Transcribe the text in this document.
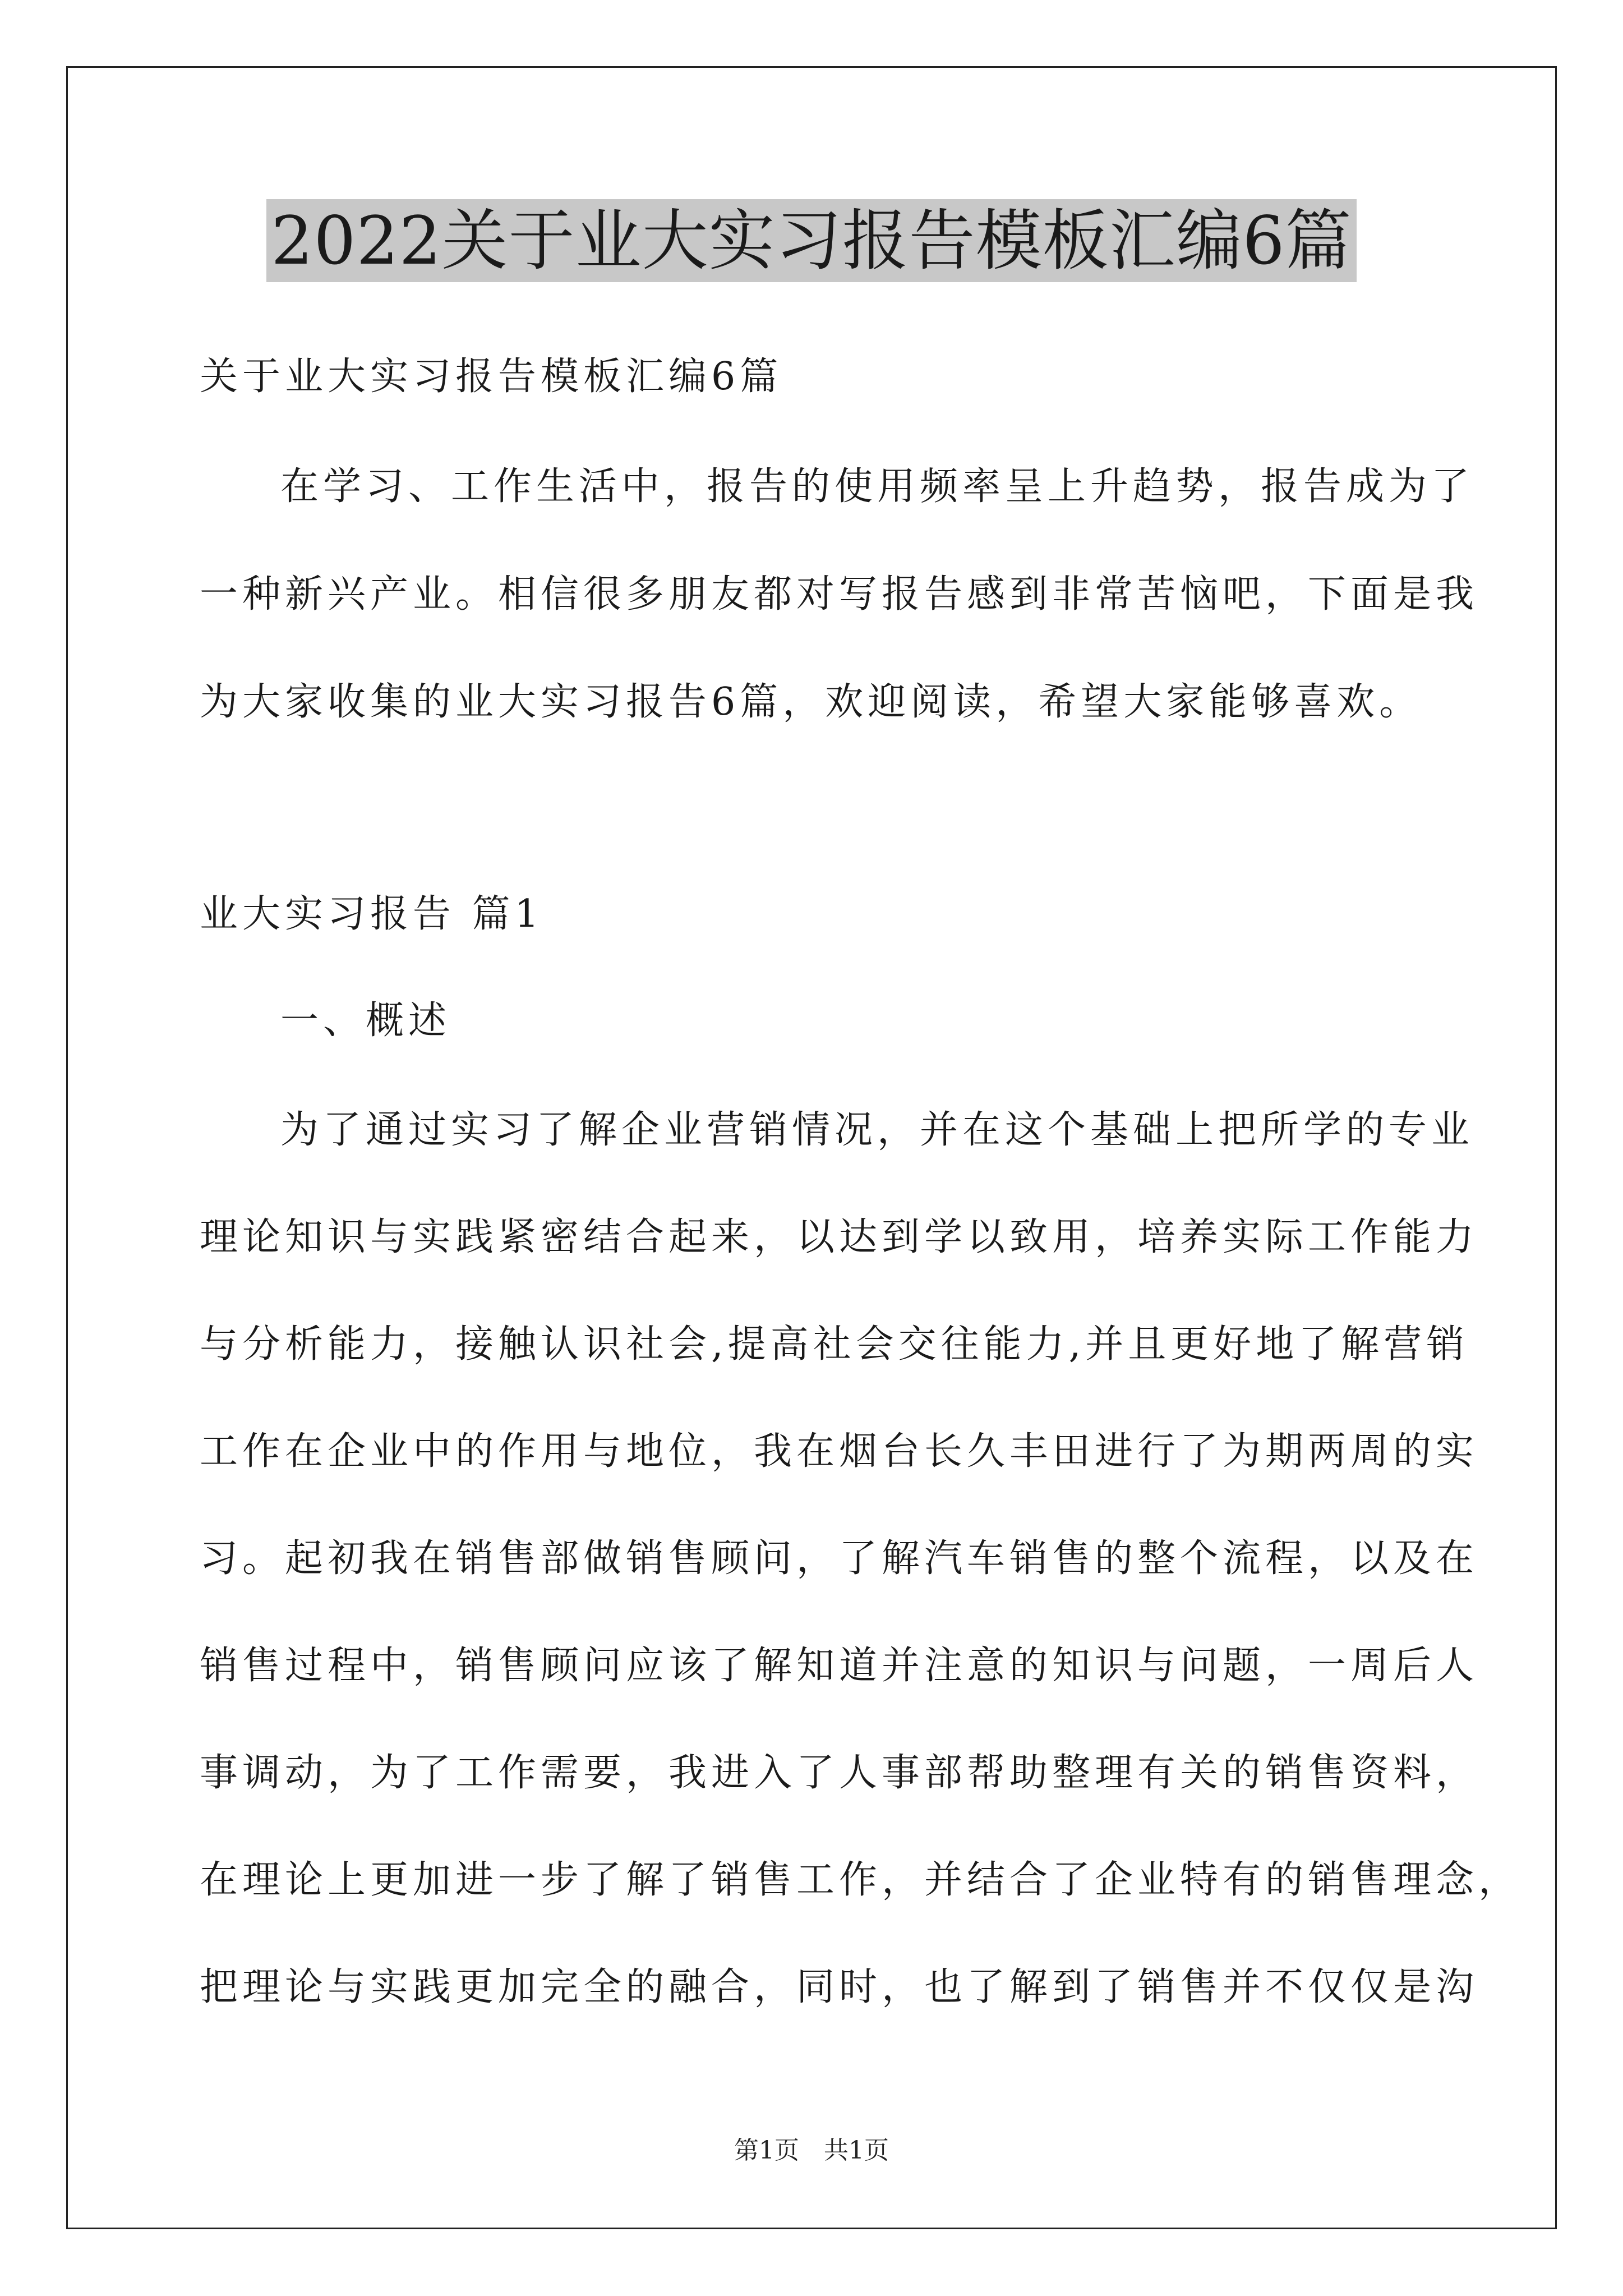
2022关于业大实习报告模板汇编6篇
关于业大实习报告模板汇编6篇
在学习、工作生活中，报告的使用频率呈上升趋势，报告成为了
一种新兴产业。相信很多朋友都对写报告感到非常苦恼吧，下面是我
为大家收集的业大实习报告6篇，欢迎阅读，希望大家能够喜欢。
业大实习报告 篇1
一、概述
为了通过实习了解企业营销情况，并在这个基础上把所学的专业
理论知识与实践紧密结合起来，以达到学以致用，培养实际工作能力
与分析能力，接触认识社会,提高社会交往能力,并且更好地了解营销
工作在企业中的作用与地位，我在烟台长久丰田进行了为期两周的实
习。起初我在销售部做销售顾问，了解汽车销售的整个流程，以及在
销售过程中，销售顾问应该了解知道并注意的知识与问题，一周后人
事调动，为了工作需要，我进入了人事部帮助整理有关的销售资料，
在理论上更加进一步了解了销售工作，并结合了企业特有的销售理念，
把理论与实践更加完全的融合，同时，也了解到了销售并不仅仅是沟
第1页　共1页
